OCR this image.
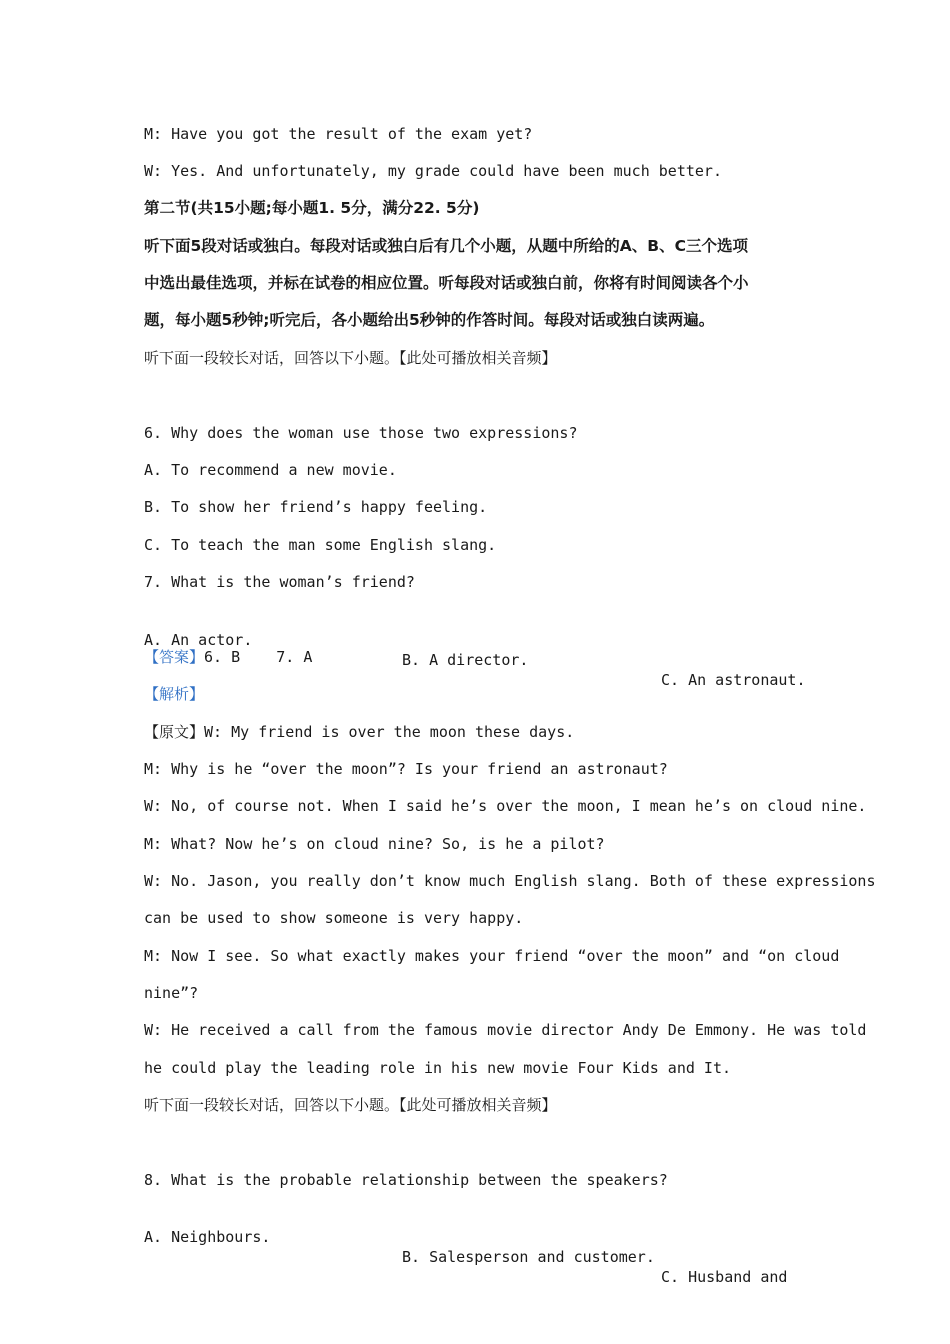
M: Have you got the result of the exam yet?
W: Yes. And unfortunately, my grade could have been much better.
第二节(共15小题;每小题1. 5分，满分22. 5分)
听下面5段对话或独白。每段对话或独白后有几个小题，从题中所给的A、B、C三个选项
中选出最佳选项，并标在试卷的相应位置。听每段对话或独白前，你将有时间阅读各个小
题，每小题5秒钟;听完后，各小题给出5秒钟的作答时间。每段对话或独白读两遍。
听下面一段较长对话，回答以下小题。【此处可播放相关音频】
6. Why does the woman use those two expressions?
A. To recommend a new movie.
B. To show her friend’s happy feeling.
C. To teach the man some English slang.
7. What is the woman’s friend?

A. An actor.

B. A director.

C. An astronaut.

【答案】6. B    7. A
【解析】
【原文】W: My friend is over the moon these days.
M: Why is he “over the moon”? Is your friend an astronaut?
W: No, of course not. When I said he’s over the moon, I mean he’s on cloud nine.
M: What? Now he’s on cloud nine? So, is he a pilot?
W: No. Jason, you really don’t know much English slang. Both of these expressions
can be used to show someone is very happy.
M: Now I see. So what exactly makes your friend “over the moon” and “on cloud
nine”?
W: He received a call from the famous movie director Andy De Emmony. He was told
he could play the leading role in his new movie Four Kids and It.
听下面一段较长对话，回答以下小题。【此处可播放相关音频】
8. What is the probable relationship between the speakers?

A. Neighbours.

B. Salesperson and customer.

C. Husband and
